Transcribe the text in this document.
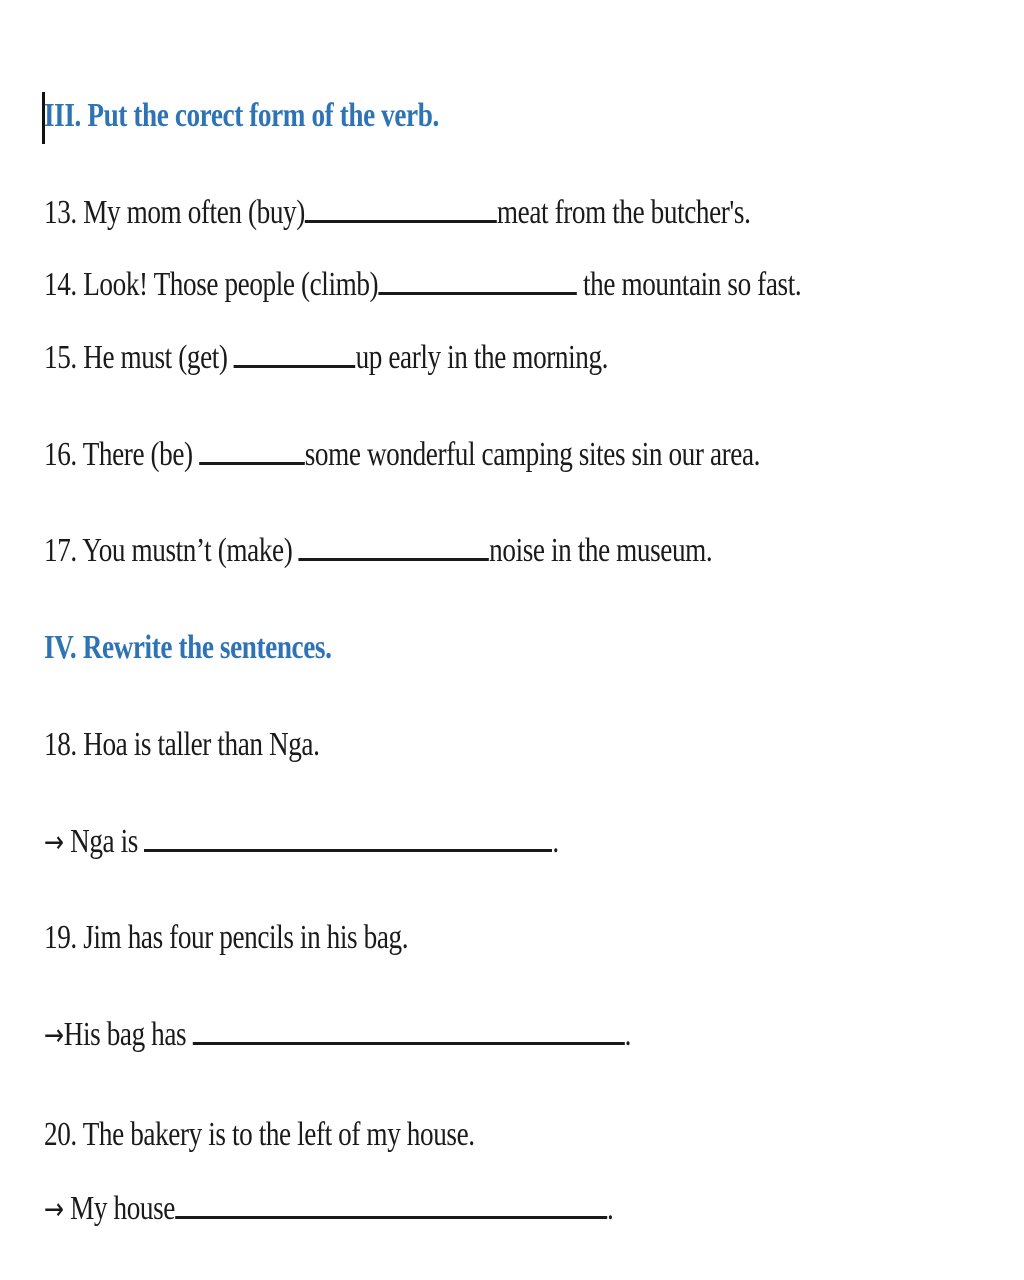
III. Put the corect form of the verb.
13. My mom often (buy)	meat from the butcher's.
14. Look! Those people (climb)	the mountain so fast.
15. He must (get)	up early in the morning.
16. There (be)	some wonderful camping sites sin our area.
17. You mustn’t (make)	noise in the museum.
IV. Rewrite the sentences.
18. Hoa is taller than Nga.
→ Nga is	.
19. Jim has four pencils in his bag.
→His bag has	.
20. The bakery is to the left of my house.
→ My house	.
